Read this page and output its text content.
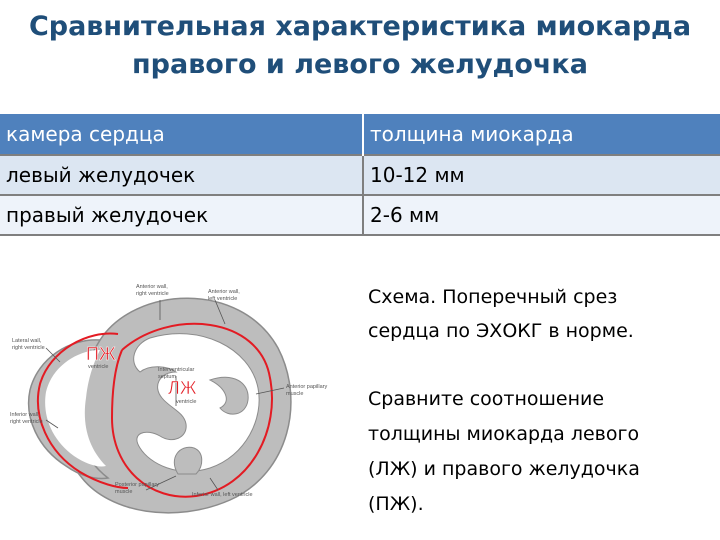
Сравнительная характеристика миокарда
правого и левого желудочка
камера сердца	толщина миокарда
левый желудочек	10-12 мм
правый желудочек	2-6 мм
Anterior wall,
right ventricle	Anterior wall,
left ventricle
Lateral wall,
right ventricle
ventricle	Interventricular
septum
ventricle
Anterior papillary
muscle
Inferior wall,
right ventricle
Posterior papillary
muscle	Inferior wall, left ventricle
ПЖ
ЛЖ
Схема. Поперечный срез
сердца по ЭХОКГ в норме.
Сравните соотношение
толщины миокарда левого
(ЛЖ) и правого желудочка
(ПЖ).
